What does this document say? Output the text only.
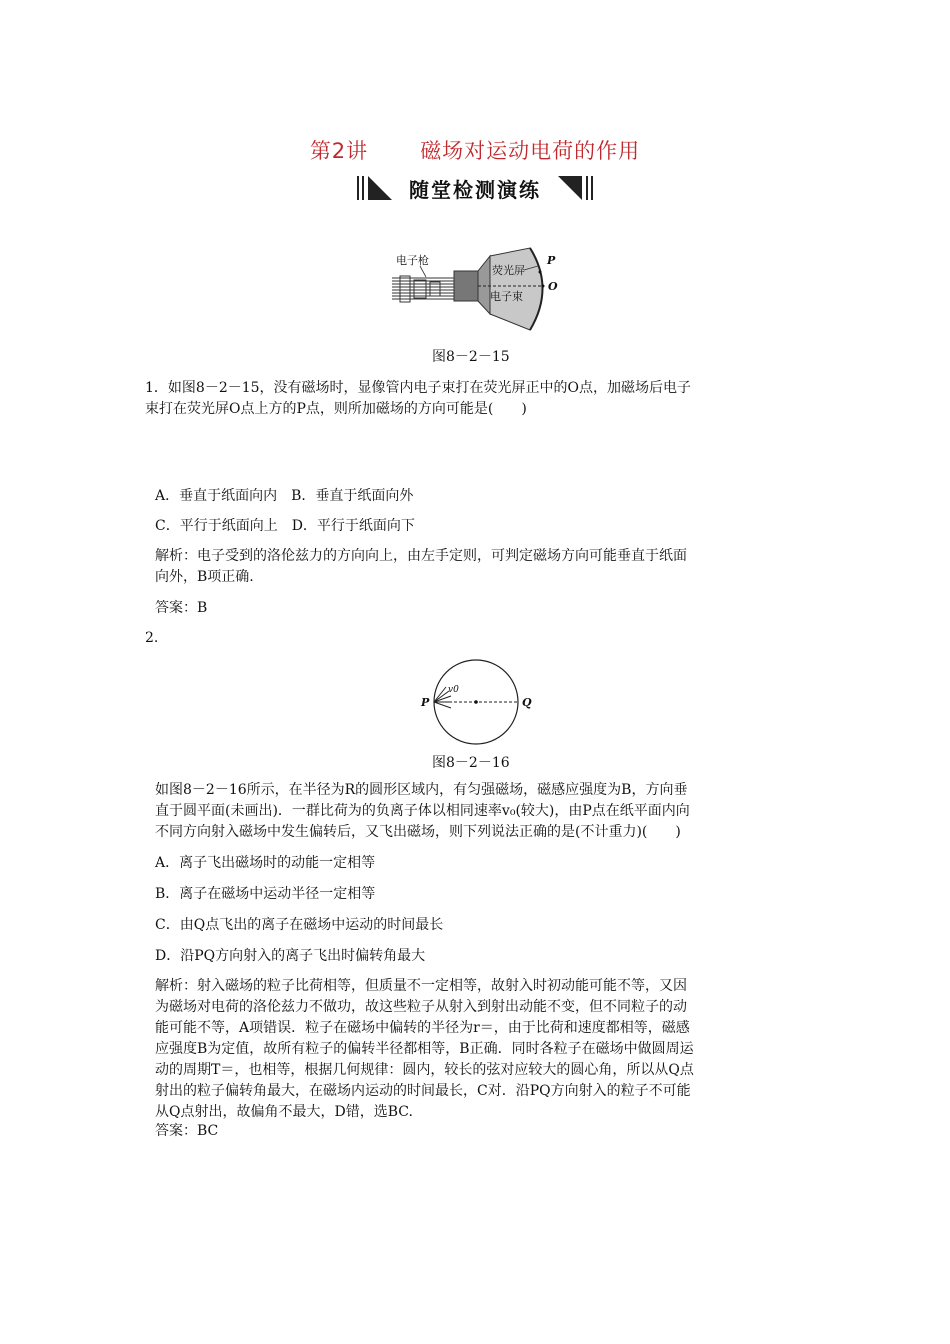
第2讲 磁场对运动电荷的作用
随堂检测演练
电子枪
荧光屏
电子束
P
O
图8－2－15
1．如图8－2－15，没有磁场时，显像管内电子束打在荧光屏正中的O点，加磁场后电子
束打在荧光屏O点上方的P点，则所加磁场的方向可能是(　　)
A．垂直于纸面向内　B．垂直于纸面向外
C．平行于纸面向上　D．平行于纸面向下
解析：电子受到的洛伦兹力的方向向上，由左手定则，可判定磁场方向可能垂直于纸面
向外，B项正确.
答案：B
2.
v0
P	Q
图8－2－16
如图8－2－16所示，在半径为R的圆形区域内，有匀强磁场，磁感应强度为B，方向垂
直于圆平面(未画出)．一群比荷为的负离子体以相同速率v₀(较大)，由P点在纸平面内向
不同方向射入磁场中发生偏转后，又飞出磁场，则下列说法正确的是(不计重力)(　　)
A．离子飞出磁场时的动能一定相等
B．离子在磁场中运动半径一定相等
C．由Q点飞出的离子在磁场中运动的时间最长
D．沿PQ方向射入的离子飞出时偏转角最大
解析：射入磁场的粒子比荷相等，但质量不一定相等，故射入时初动能可能不等，又因
为磁场对电荷的洛伦兹力不做功，故这些粒子从射入到射出动能不变，但不同粒子的动
能可能不等，A项错误．粒子在磁场中偏转的半径为r＝，由于比荷和速度都相等，磁感
应强度B为定值，故所有粒子的偏转半径都相等，B正确．同时各粒子在磁场中做圆周运
动的周期T＝，也相等，根据几何规律：圆内，较长的弦对应较大的圆心角，所以从Q点
射出的粒子偏转角最大，在磁场内运动的时间最长，C对．沿PQ方向射入的粒子不可能
从Q点射出，故偏角不最大，D错，选BC.
答案：BC
